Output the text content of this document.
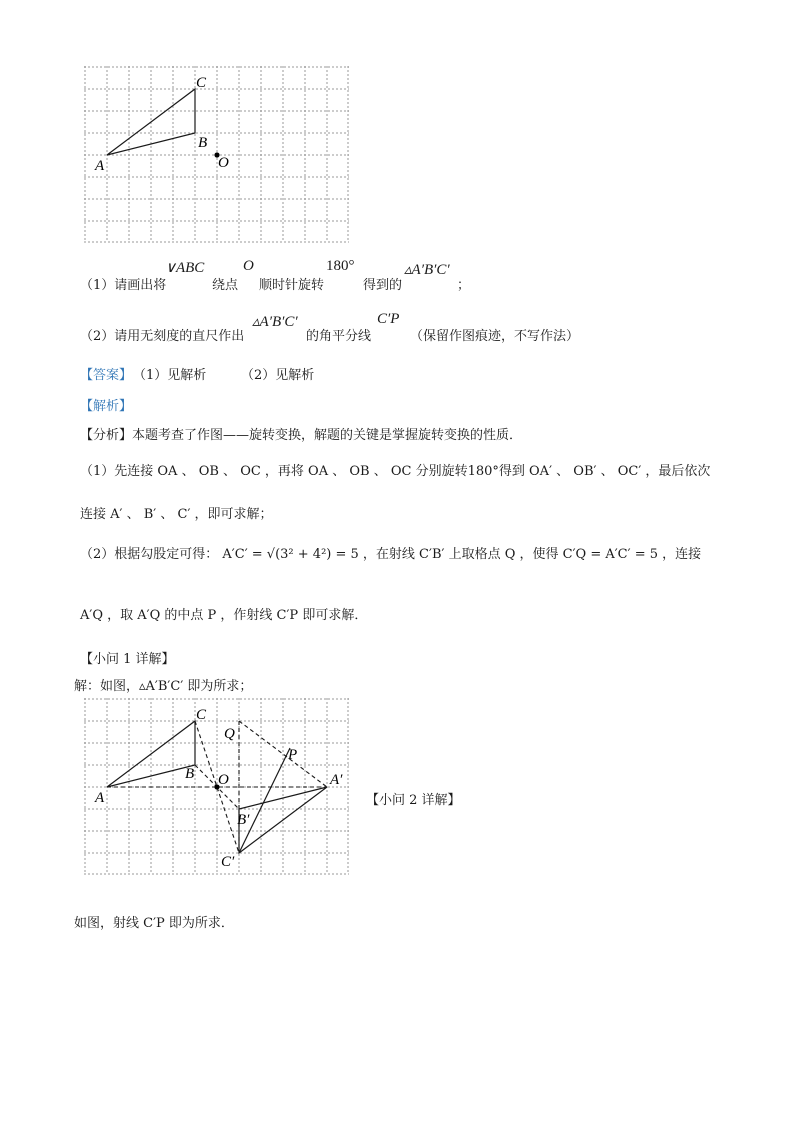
A
B
C
O
（1）请画出将
∨ABC
绕点
O
顺时针旋转
180°
得到的
▵A′B′C′
；
（2）请用无刻度的直尺作出
▵A′B′C′
的角平分线
C′P
（保留作图痕迹，不写作法）
【答案】 （1）见解析	（2）见解析
【解析】
【分析】本题考查了作图——旋转变换，解题的关键是掌握旋转变换的性质．
（1）先连接 OA 、 OB 、 OC ，再将 OA 、 OB 、 OC 分别旋转180°得到 OA′ 、 OB′ 、 OC′ ，最后依次
连接 A′ 、 B′ 、 C′ ，即可求解；
（2）根据勾股定可得： A′C′ = √(3² + 4²) = 5 ，在射线 C′B′ 上取格点 Q ，使得 C′Q = A′C′ = 5 ，连接
A′Q ，取 A′Q 的中点 P ，作射线 C′P 即可求解．
【小问 1 详解】
解：如图，▵A′B′C′ 即为所求；
A
B
C
O
Q
P
A′
B′
C′
【小问 2 详解】
如图，射线 C′P 即为所求．
